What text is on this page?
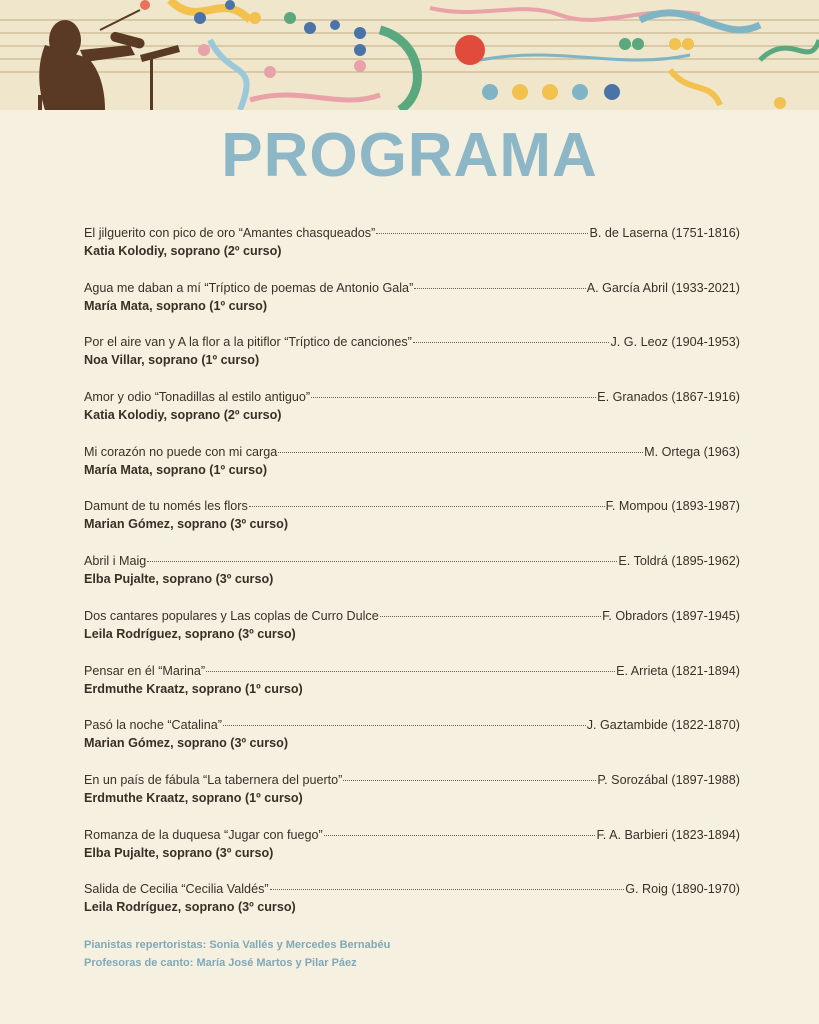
PROGRAMA
El jilguerito con pico de oro “Amantes chasqueados”	B. de Laserna (1751-1816)
Katia Kolodiy, soprano (2º curso)
Agua me daban a mí “Tríptico de poemas de Antonio Gala”	A. García Abril (1933-2021)
María Mata, soprano (1º curso)
Por el aire van y A la flor a la pitiflor “Tríptico de canciones”	J. G. Leoz (1904-1953)
Noa Villar, soprano (1º curso)
Amor y odio “Tonadillas al estilo antiguo”	E. Granados (1867-1916)
Katia Kolodiy, soprano (2º curso)
Mi corazón no puede con mi carga	M. Ortega (1963)
María Mata, soprano (1º curso)
Damunt de tu només les flors	F. Mompou (1893-1987)
Marian Gómez, soprano (3º curso)
Abril i Maig	E. Toldrá (1895-1962)
Elba Pujalte, soprano (3º curso)
Dos cantares populares y Las coplas de Curro Dulce	F. Obradors (1897-1945)
Leila Rodríguez, soprano (3º curso)
Pensar en él “Marina”	E. Arrieta (1821-1894)
Erdmuthe Kraatz, soprano (1º curso)
Pasó la noche “Catalina”	J. Gaztambide (1822-1870)
Marian Gómez, soprano (3º curso)
En un país de fábula “La tabernera del puerto”	P. Sorozábal (1897-1988)
Erdmuthe Kraatz, soprano (1º curso)
Romanza de la duquesa “Jugar con fuego”	F. A. Barbieri (1823-1894)
Elba Pujalte, soprano (3º curso)
Salida de Cecilia “Cecilia Valdés”	G. Roig (1890-1970)
Leila Rodríguez, soprano (3º curso)
Pianistas repertoristas: Sonia Vallés y Mercedes Bernabéu
Profesoras de canto: María José Martos y Pilar Páez
